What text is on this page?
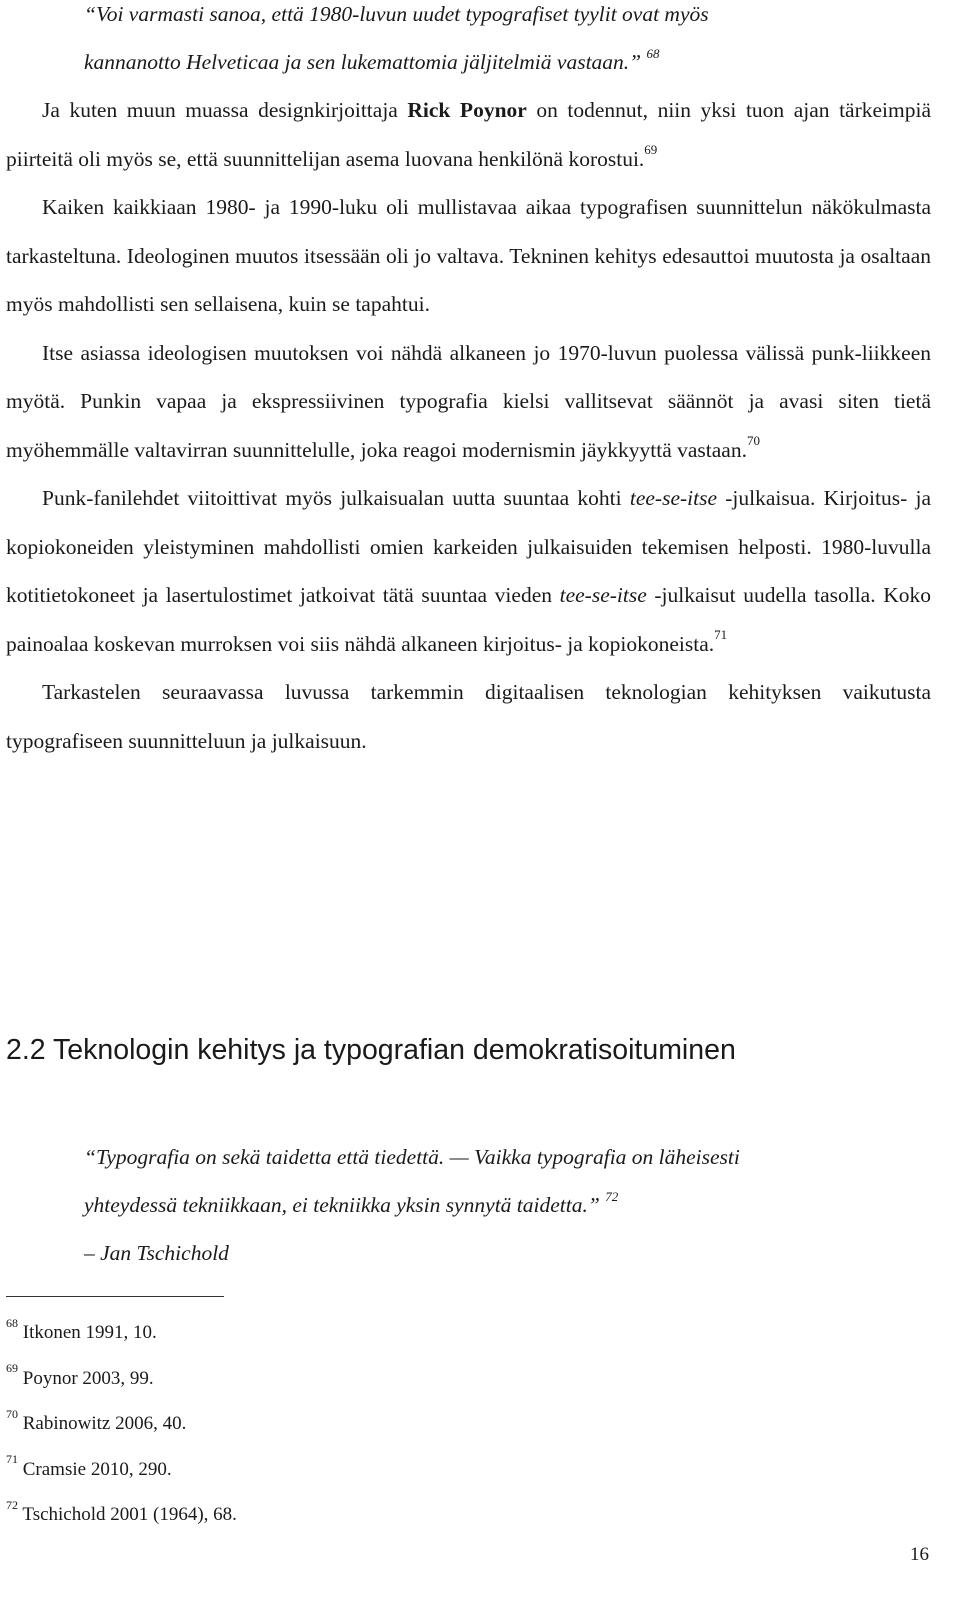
“Voi varmasti sanoa, että 1980-luvun uudet typografiset tyylit ovat myös
kannanotto Helveticaa ja sen lukemattomia jäljitelmiä vastaan.” $^{68}$

Ja kuten muun muassa designkirjoittaja Rick Poynor on todennut, niin yksi tuon ajan tärkeimpiä piirteitä oli myös se, että suunnittelijan asema luovana henkilönä korostui.$^{69}$

Kaiken kaikkiaan 1980- ja 1990-luku oli mullistavaa aikaa typografisen suunnittelun näkökulmasta tarkasteltuna. Ideologinen muutos itsessään oli jo valtava. Tekninen kehitys edesauttoi muutosta ja osaltaan myös mahdollisti sen sellaisena, kuin se tapahtui.

Itse asiassa ideologisen muutoksen voi nähdä alkaneen jo 1970-luvun puolessa välissä punk-liikkeen myötä. Punkin vapaa ja ekspressiivinen typografia kielsi vallitsevat säännöt ja avasi siten tietä myöhemmälle valtavirran suunnittelulle, joka reagoi modernismin jäykkyyttä vastaan.$^{70}$

Punk-fanilehdet viitoittivat myös julkaisualan uutta suuntaa kohti tee-se-itse -julkaisua. Kirjoitus- ja kopiokoneiden yleistyminen mahdollisti omien karkeiden julkaisuiden tekemisen helposti. 1980-luvulla kotitietokoneet ja lasertulostimet jatkoivat tätä suuntaa vieden tee-se-itse -julkaisut uudella tasolla. Koko painoalaa koskevan murroksen voi siis nähdä alkaneen kirjoitus- ja kopiokoneista.$^{71}$

Tarkastelen seuraavassa luvussa tarkemmin digitaalisen teknologian kehityksen vaikutusta typografiseen suunnitteluun ja julkaisuun.

2.2 Teknologin kehitys ja typografian demokratisoituminen
“Typografia on sekä taidetta että tiedettä. — Vaikka typografia on läheisesti
yhteydessä tekniikkaan, ei tekniikka yksin synnytä taidetta.” $^{72}$
– Jan Tschichold
$^{68}$ Itkonen 1991, 10.
$^{69}$ Poynor 2003, 99.
$^{70}$ Rabinowitz 2006, 40.
$^{71}$ Cramsie 2010, 290.
$^{72}$ Tschichold 2001 (1964), 68.
16
